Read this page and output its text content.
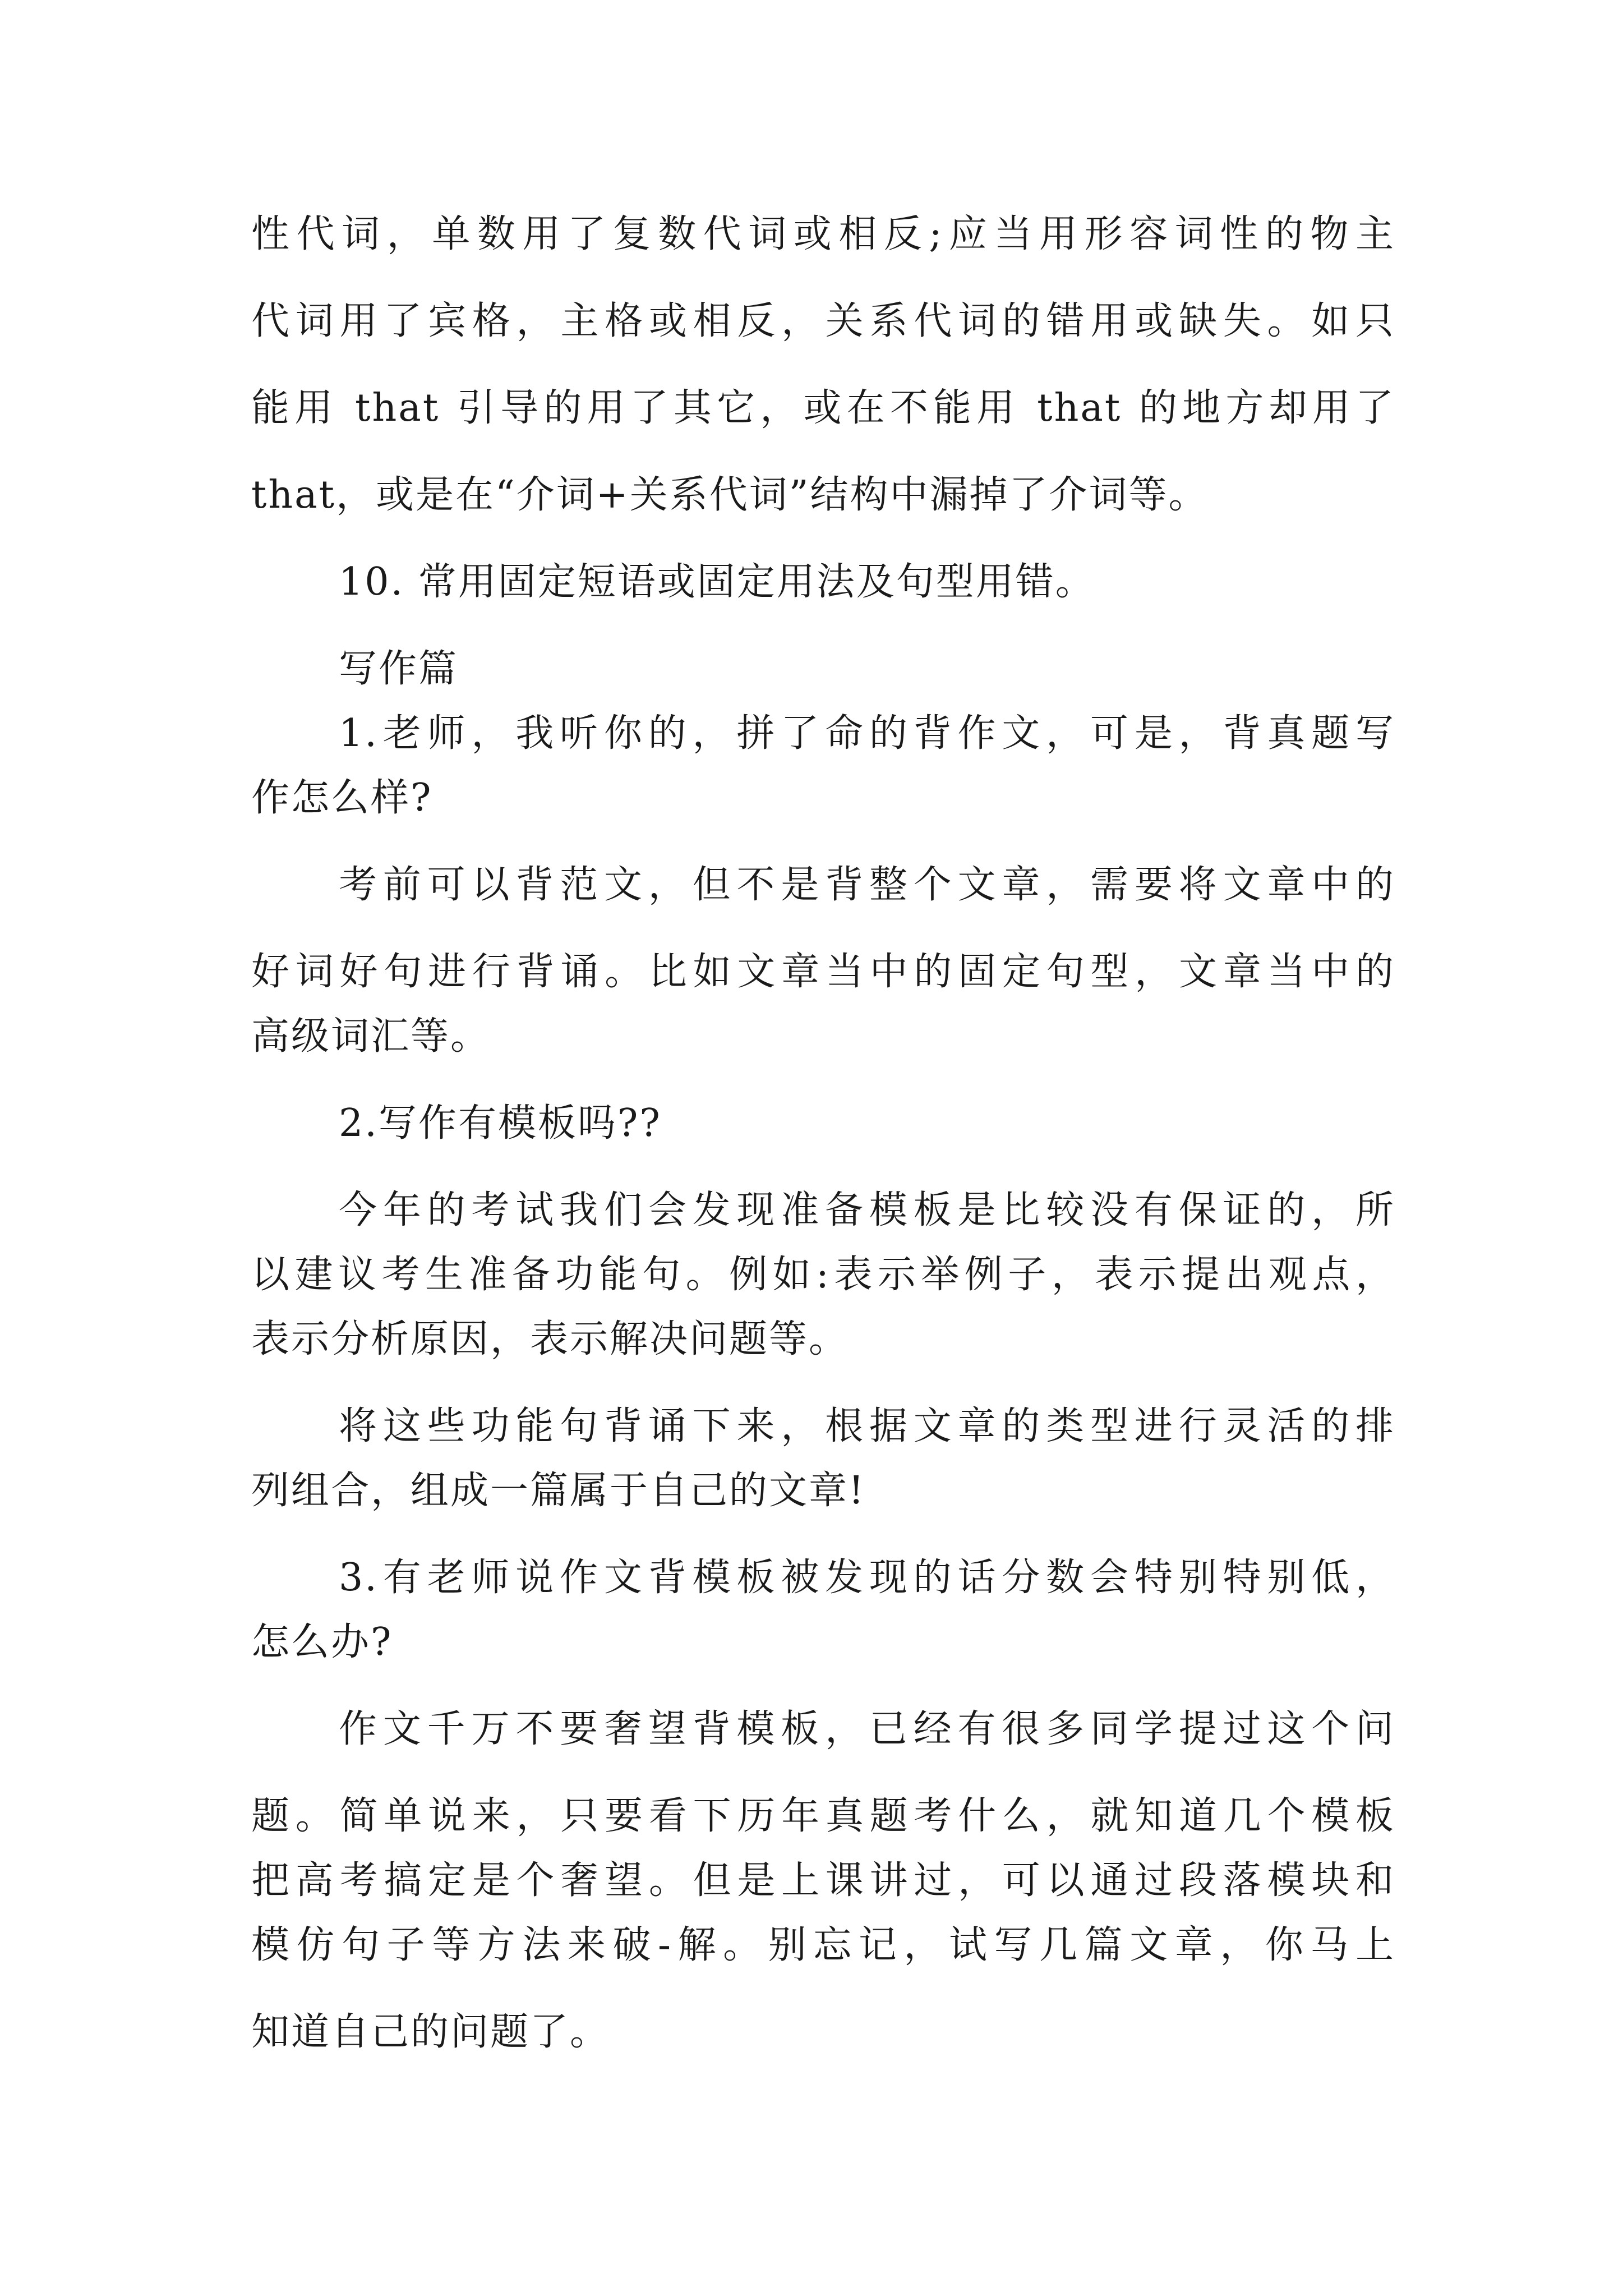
性代词，单数用了复数代词或相反;应当用形容词性的物主
代词用了宾格，主格或相反，关系代词的错用或缺失。如只
能用 that 引导的用了其它，或在不能用 that 的地方却用了
that，或是在“介词+关系代词”结构中漏掉了介词等。
10. 常用固定短语或固定用法及句型用错。
写作篇
1.老师，我听你的，拼了命的背作文，可是，背真题写
作怎么样?
考前可以背范文，但不是背整个文章，需要将文章中的
好词好句进行背诵。比如文章当中的固定句型，文章当中的
高级词汇等。
2.写作有模板吗??
今年的考试我们会发现准备模板是比较没有保证的，所
以建议考生准备功能句。例如:表示举例子，表示提出观点，
表示分析原因，表示解决问题等。
将这些功能句背诵下来，根据文章的类型进行灵活的排
列组合，组成一篇属于自己的文章!
3.有老师说作文背模板被发现的话分数会特别特别低，
怎么办?
作文千万不要奢望背模板，已经有很多同学提过这个问
题。简单说来，只要看下历年真题考什么，就知道几个模板
把高考搞定是个奢望。但是上课讲过，可以通过段落模块和
模仿句子等方法来破-解。别忘记，试写几篇文章，你马上
知道自己的问题了。
